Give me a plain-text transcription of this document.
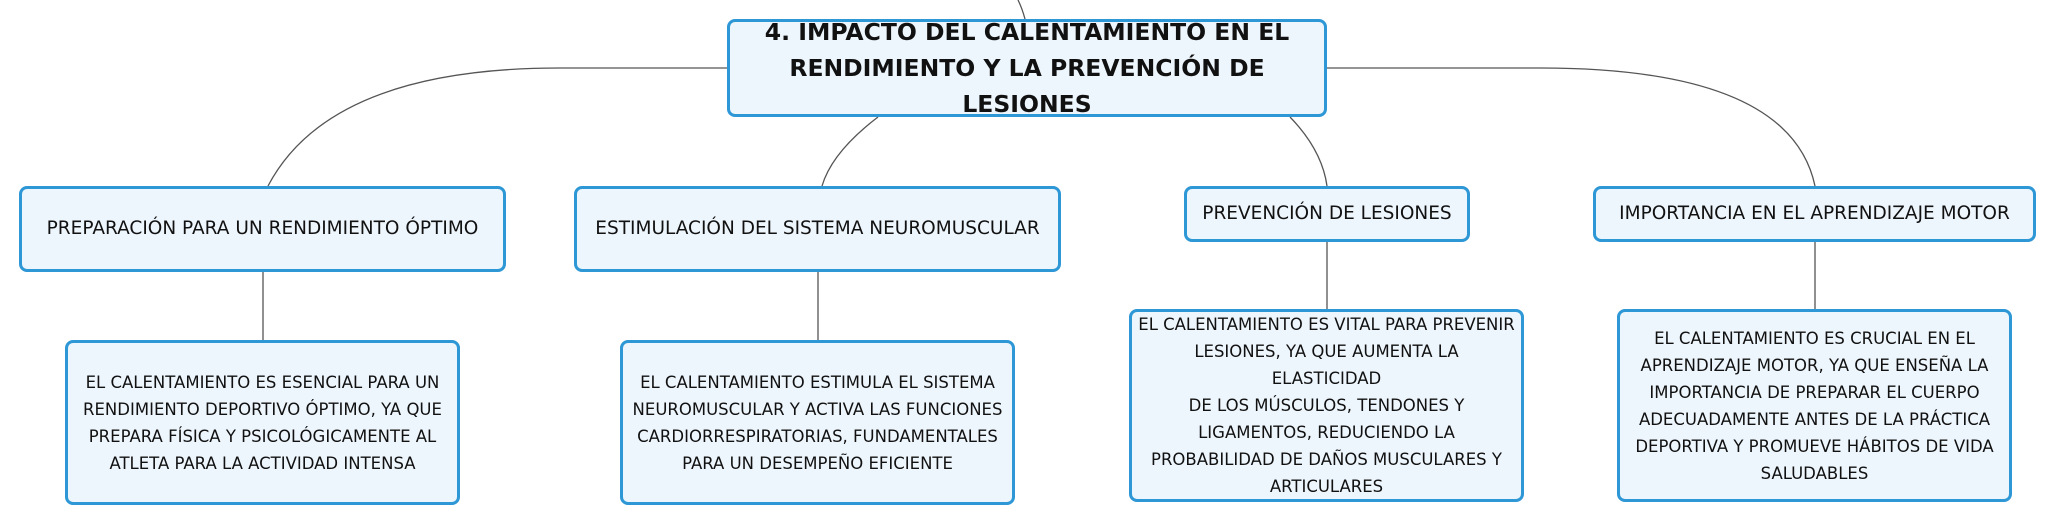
4. IMPACTO DEL CALENTAMIENTO EN EL
RENDIMIENTO Y LA PREVENCIÓN DE LESIONES
PREPARACIÓN PARA UN RENDIMIENTO ÓPTIMO	ESTIMULACIÓN DEL SISTEMA NEUROMUSCULAR
PREVENCIÓN DE LESIONES	IMPORTANCIA EN EL APRENDIZAJE MOTOR
EL CALENTAMIENTO ES ESENCIAL PARA UN
RENDIMIENTO DEPORTIVO ÓPTIMO, YA QUE
PREPARA FÍSICA Y PSICOLÓGICAMENTE AL
ATLETA PARA LA ACTIVIDAD INTENSA
EL CALENTAMIENTO ESTIMULA EL SISTEMA
NEUROMUSCULAR Y ACTIVA LAS FUNCIONES
CARDIORRESPIRATORIAS, FUNDAMENTALES
PARA UN DESEMPEÑO EFICIENTE
EL CALENTAMIENTO ES VITAL PARA PREVENIR
LESIONES, YA QUE AUMENTA LA ELASTICIDAD
DE LOS MÚSCULOS, TENDONES Y
LIGAMENTOS, REDUCIENDO LA
PROBABILIDAD DE DAÑOS MUSCULARES Y
ARTICULARES
EL CALENTAMIENTO ES CRUCIAL EN EL
APRENDIZAJE MOTOR, YA QUE ENSEÑA LA
IMPORTANCIA DE PREPARAR EL CUERPO
ADECUADAMENTE ANTES DE LA PRÁCTICA
DEPORTIVA Y PROMUEVE HÁBITOS DE VIDA
SALUDABLES
